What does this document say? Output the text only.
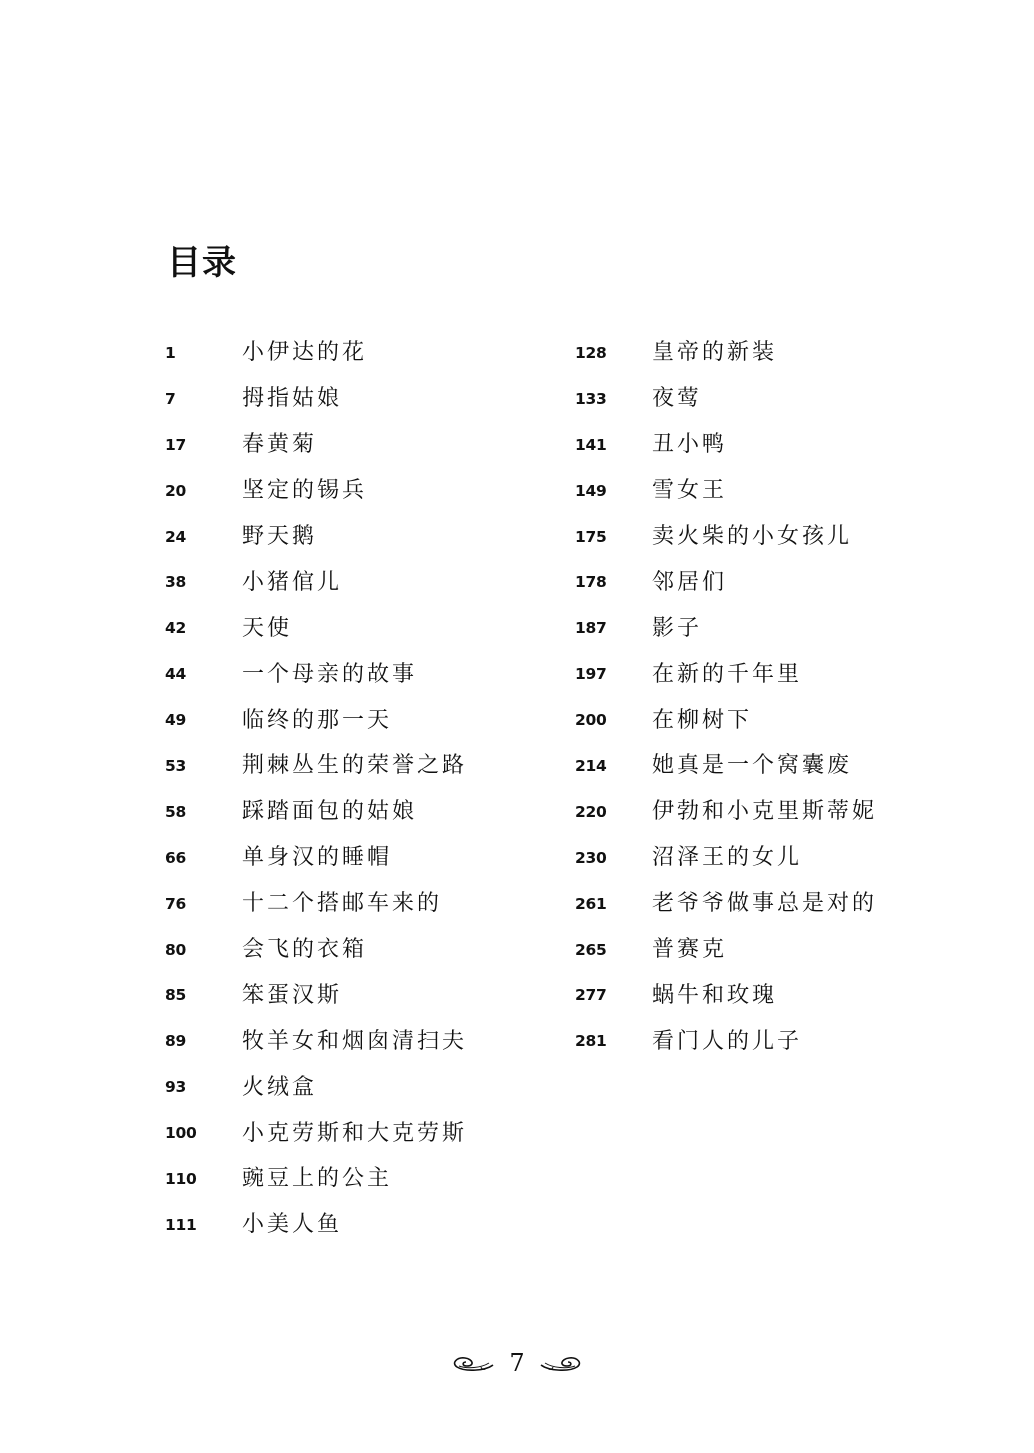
目录
1	小伊达的花
7	拇指姑娘
17	春黄菊
20	坚定的锡兵
24	野天鹅
38	小猪倌儿
42	天使
44	一个母亲的故事
49	临终的那一天
53	荆棘丛生的荣誉之路
58	踩踏面包的姑娘
66	单身汉的睡帽
76	十二个搭邮车来的
80	会飞的衣箱
85	笨蛋汉斯
89	牧羊女和烟囱清扫夫
93	火绒盒
100	小克劳斯和大克劳斯
110	豌豆上的公主
111	小美人鱼
128	皇帝的新装
133	夜莺
141	丑小鸭
149	雪女王
175	卖火柴的小女孩儿
178	邻居们
187	影子
197	在新的千年里
200	在柳树下
214	她真是一个窝囊废
220	伊勃和小克里斯蒂妮
230	沼泽王的女儿
261	老爷爷做事总是对的
265	普赛克
277	蜗牛和玫瑰
281	看门人的儿子
7
